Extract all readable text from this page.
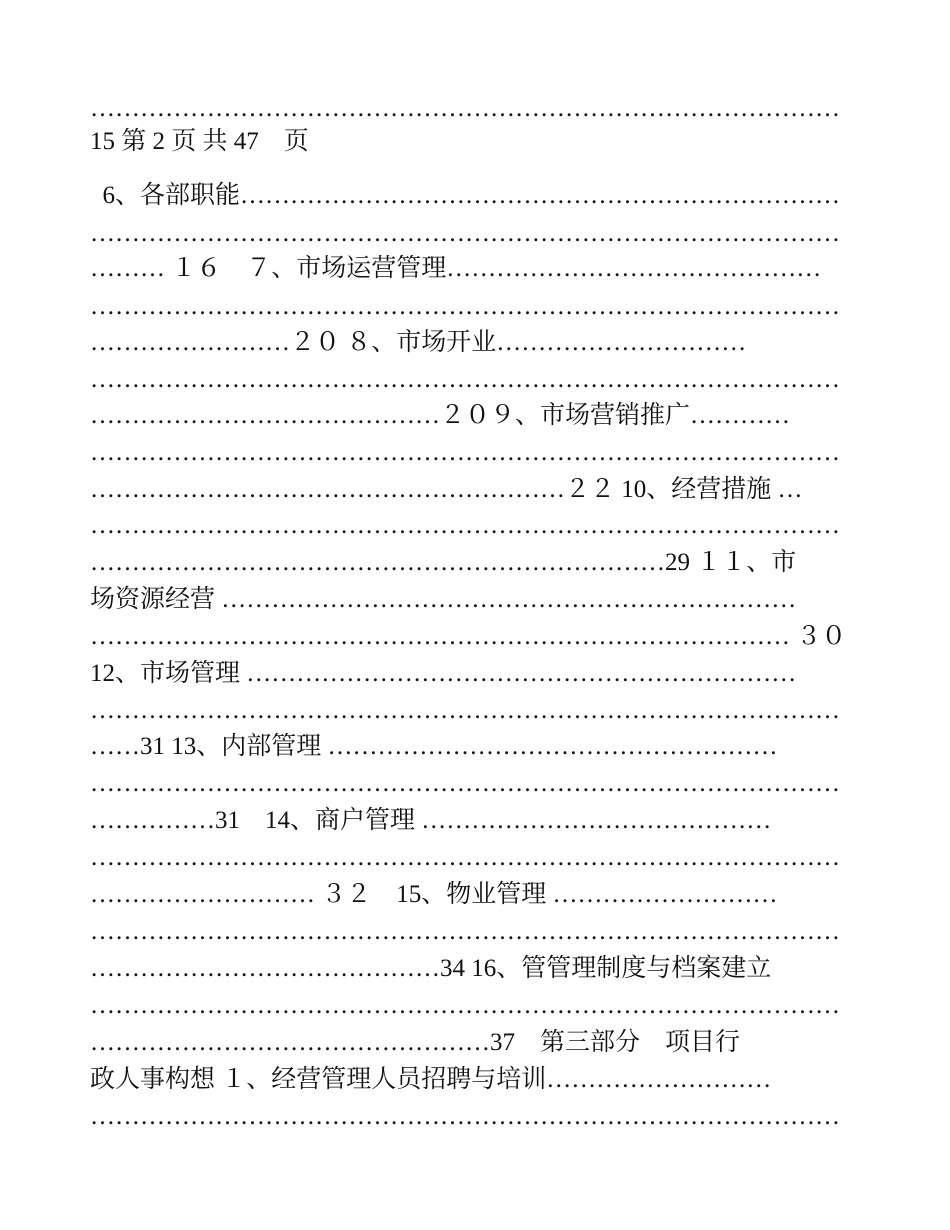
………………………………………………………………………………
15 第 2 页 共 47　页
6、各部职能………………………………………………………………
………………………………………………………………………………
……… １６　７、市场运营管理………………………………………
………………………………………………………………………………
……………………２０ ８、市场开业…………………………
………………………………………………………………………………
……………………………………２０９、市场营销推广…………
………………………………………………………………………………
…………………………………………………２２ 10、经营措施 …
………………………………………………………………………………
……………………………………………………………29 １１、市
场资源经营 ……………………………………………………………
………………………………………………………………………… ３０
12、市场管理 …………………………………………………………
………………………………………………………………………………
……31 13、内部管理 ………………………………………………
………………………………………………………………………………
……………31　14、商户管理 ……………………………………
………………………………………………………………………………
……………………… ３２　15、物业管理 ………………………
………………………………………………………………………………
……………………………………34 16、管管理制度与档案建立
………………………………………………………………………………
…………………………………………37　第三部分　项目行
政人事构想 １、经营管理人员招聘与培训………………………
………………………………………………………………………………
